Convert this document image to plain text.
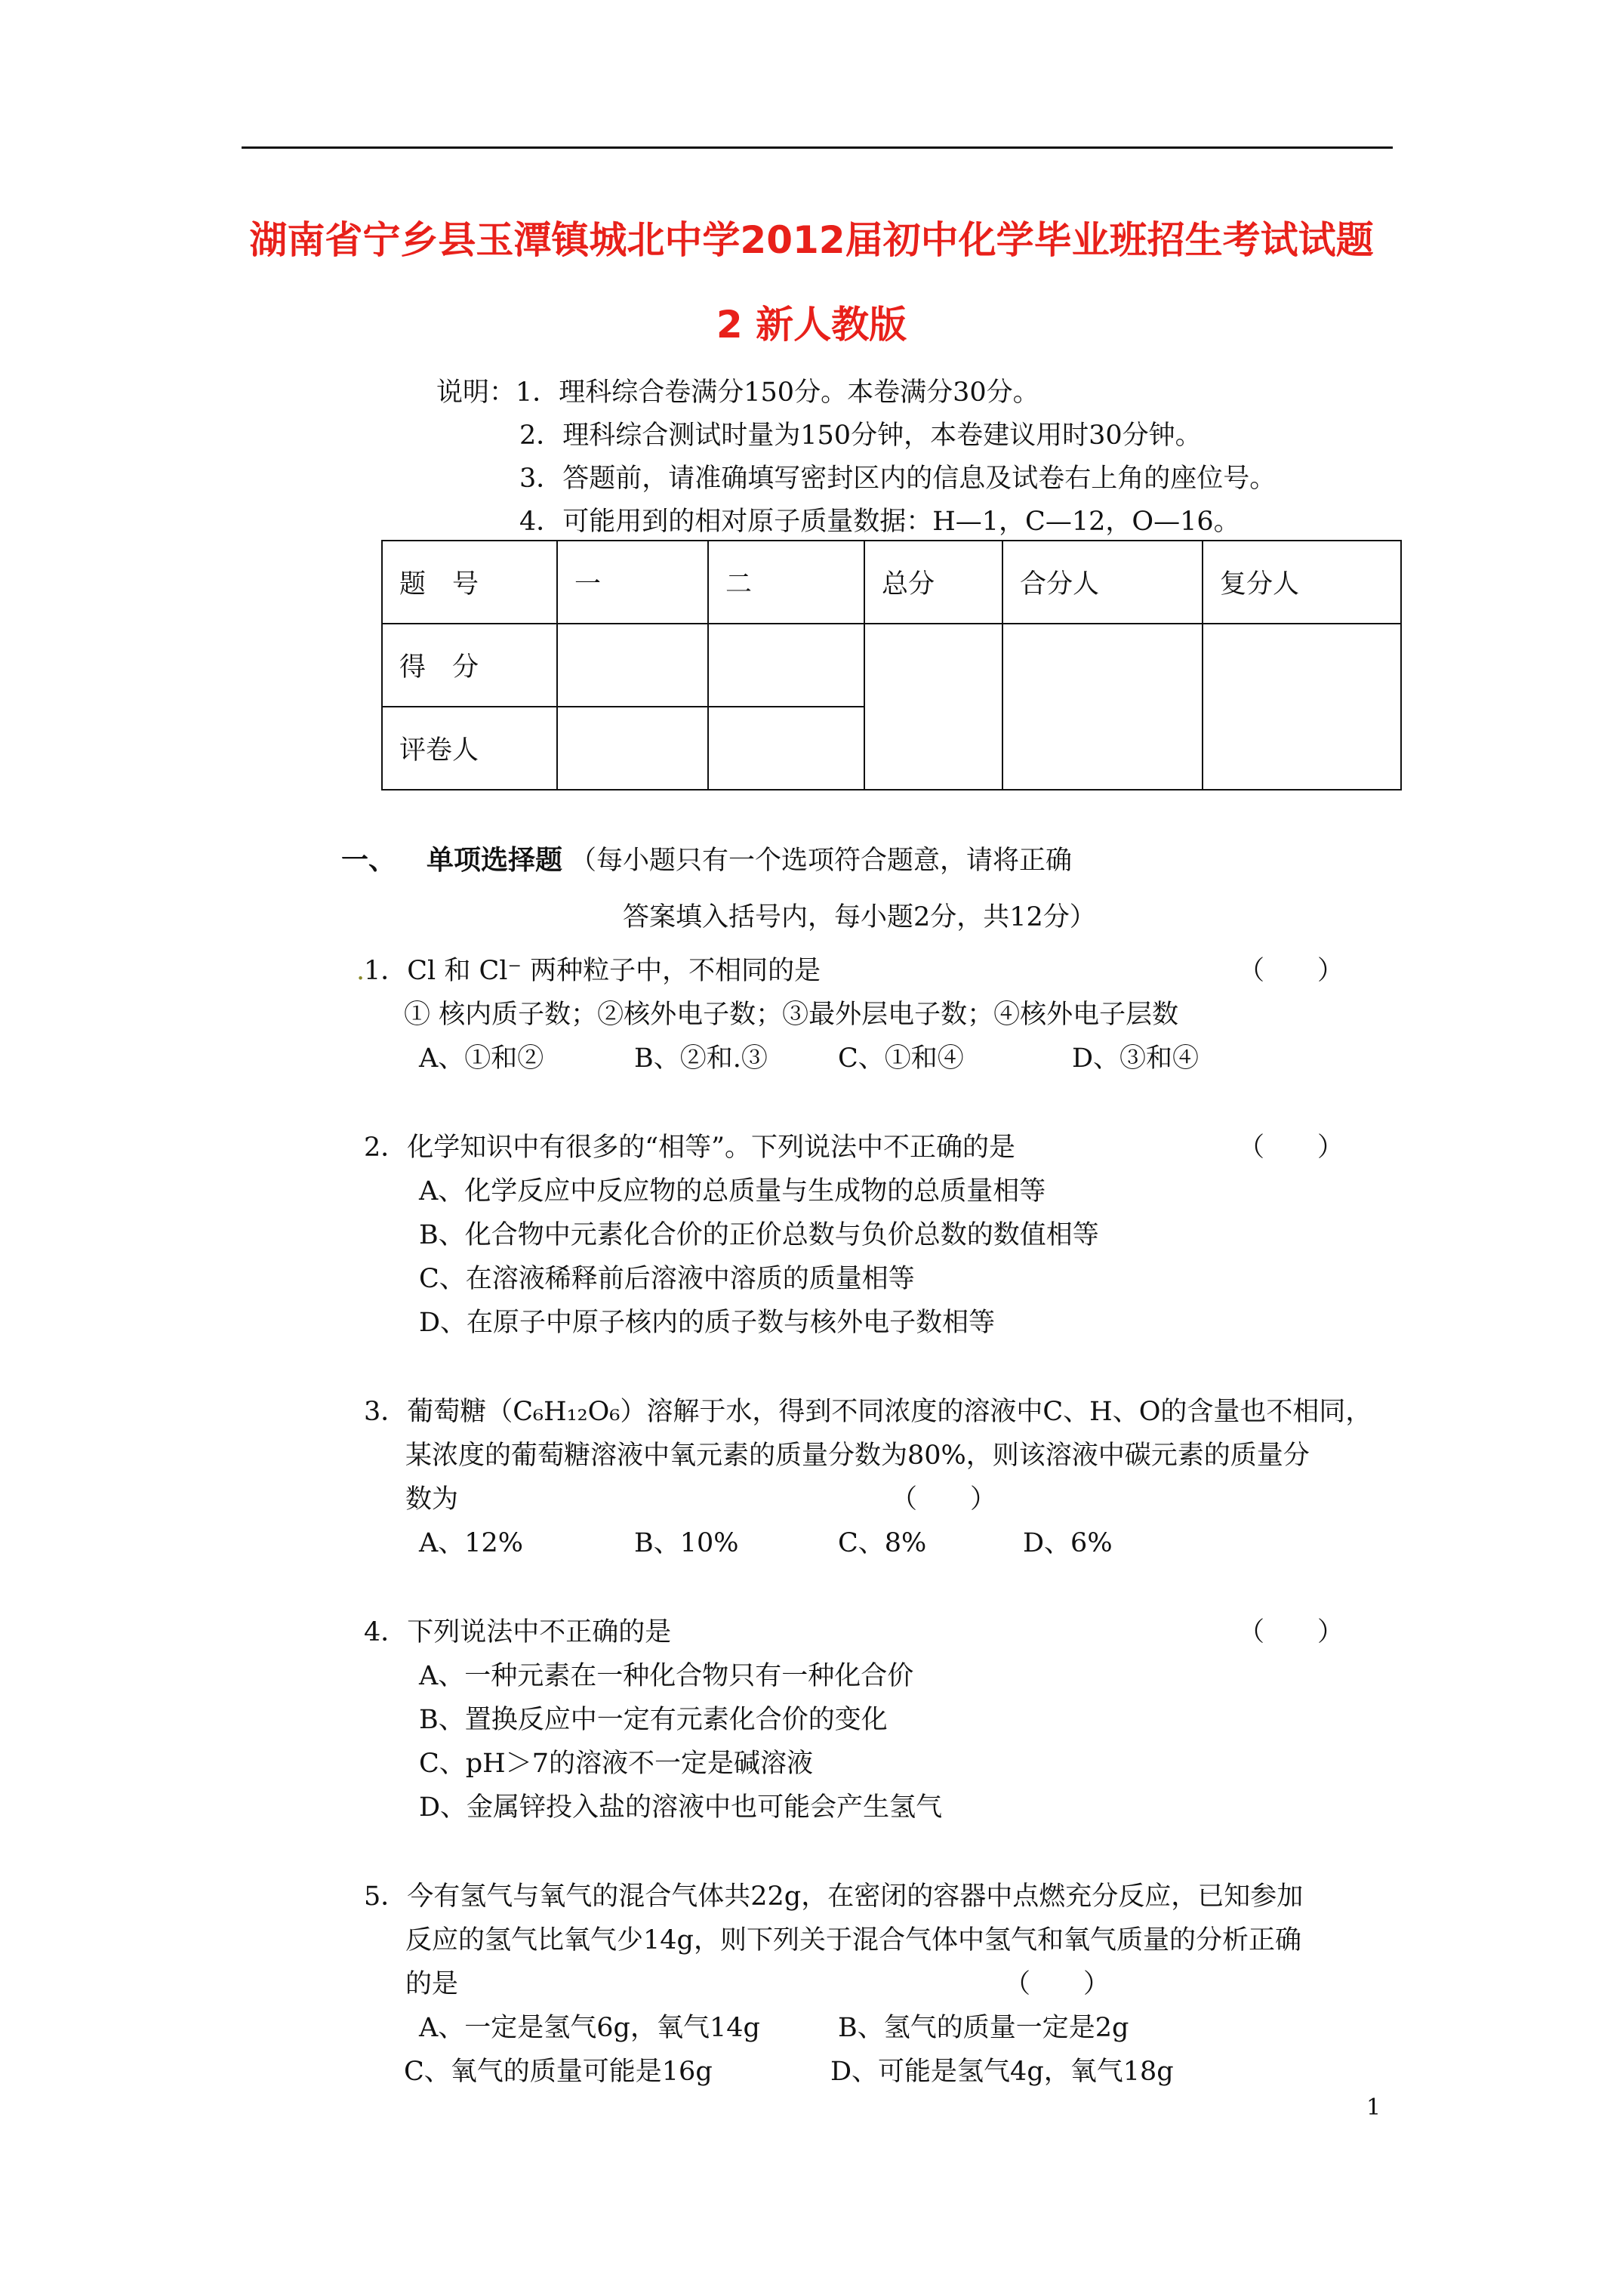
湖南省宁乡县玉潭镇城北中学2012届初中化学毕业班招生考试试题
2 新人教版
说明：1．理科综合卷满分150分。本卷满分30分。
2．理科综合测试时量为150分钟，本卷建议用时30分钟。
3．答题前，请准确填写密封区内的信息及试卷右上角的座位号。
4．可能用到的相对原子质量数据：H—1，C—12，O—16。
题　号	一	二	总分	合分人	复分人
得　分					
评卷人					
一、 单项选择题 （每小题只有一个选项符合题意，请将正确
答案填入括号内，每小题2分，共12分）
.
1．Cl 和 Cl⁻ 两种粒子中，不相同的是	（　　）
① 核内质子数；②核外电子数；③最外层电子数；④核外电子层数
A、①和②	B、②和.③	C、①和④	D、③和④
2．化学知识中有很多的“相等”。下列说法中不正确的是	（　　）
A、化学反应中反应物的总质量与生成物的总质量相等
B、化合物中元素化合价的正价总数与负价总数的数值相等
C、在溶液稀释前后溶液中溶质的质量相等
D、在原子中原子核内的质子数与核外电子数相等
3．葡萄糖（C₆H₁₂O₆）溶解于水，得到不同浓度的溶液中C、H、O的含量也不相同，
某浓度的葡萄糖溶液中氧元素的质量分数为80%，则该溶液中碳元素的质量分
数为	（　　）
A、12%	B、10%	C、8%	D、6%
4．下列说法中不正确的是	（　　）
A、一种元素在一种化合物只有一种化合价
B、置换反应中一定有元素化合价的变化
C、pH＞7的溶液不一定是碱溶液
D、金属锌投入盐的溶液中也可能会产生氢气
5．今有氢气与氧气的混合气体共22g，在密闭的容器中点燃充分反应，已知参加
反应的氢气比氧气少14g，则下列关于混合气体中氢气和氧气质量的分析正确
的是	（　　）
A、一定是氢气6g，氧气14g	B、氢气的质量一定是2g
C、氧气的质量可能是16g	D、可能是氢气4g，氧气18g
1
